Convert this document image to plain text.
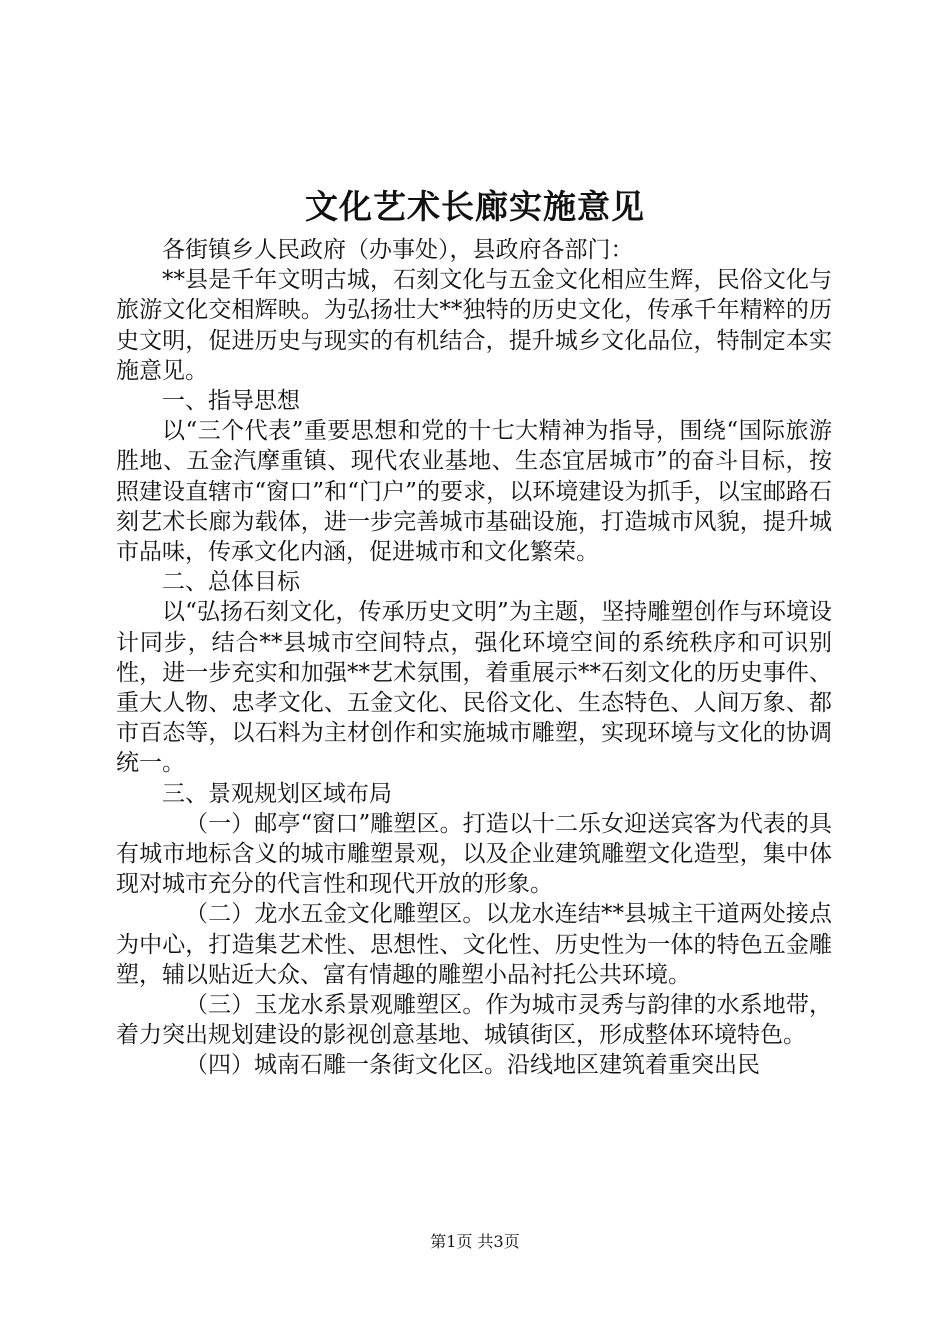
文化艺术长廊实施意见

各街镇乡人民政府（办事处），县政府各部门：

**县是千年文明古城，石刻文化与五金文化相应生辉，民俗文化与旅游文化交相辉映。为弘扬壮大**独特的历史文化，传承千年精粹的历史文明，促进历史与现实的有机结合，提升城乡文化品位，特制定本实施意见。

一、指导思想

以“三个代表”重要思想和党的十七大精神为指导，围绕“国际旅游胜地、五金汽摩重镇、现代农业基地、生态宜居城市”的奋斗目标，按照建设直辖市“窗口”和“门户”的要求，以环境建设为抓手，以宝邮路石刻艺术长廊为载体，进一步完善城市基础设施，打造城市风貌，提升城市品味，传承文化内涵，促进城市和文化繁荣。

二、总体目标

以“弘扬石刻文化，传承历史文明”为主题，坚持雕塑创作与环境设计同步，结合**县城市空间特点，强化环境空间的系统秩序和可识别性，进一步充实和加强**艺术氛围，着重展示**石刻文化的历史事件、重大人物、忠孝文化、五金文化、民俗文化、生态特色、人间万象、都市百态等，以石料为主材创作和实施城市雕塑，实现环境与文化的协调统一。

三、景观规划区域布局

（一）邮亭“窗口”雕塑区。打造以十二乐女迎送宾客为代表的具有城市地标含义的城市雕塑景观，以及企业建筑雕塑文化造型，集中体现对城市充分的代言性和现代开放的形象。

（二）龙水五金文化雕塑区。以龙水连结**县城主干道两处接点为中心，打造集艺术性、思想性、文化性、历史性为一体的特色五金雕塑，辅以贴近大众、富有情趣的雕塑小品衬托公共环境。

（三）玉龙水系景观雕塑区。作为城市灵秀与韵律的水系地带，着力突出规划建设的影视创意基地、城镇街区，形成整体环境特色。

（四）城南石雕一条街文化区。沿线地区建筑着重突出民

第1页 共3页
